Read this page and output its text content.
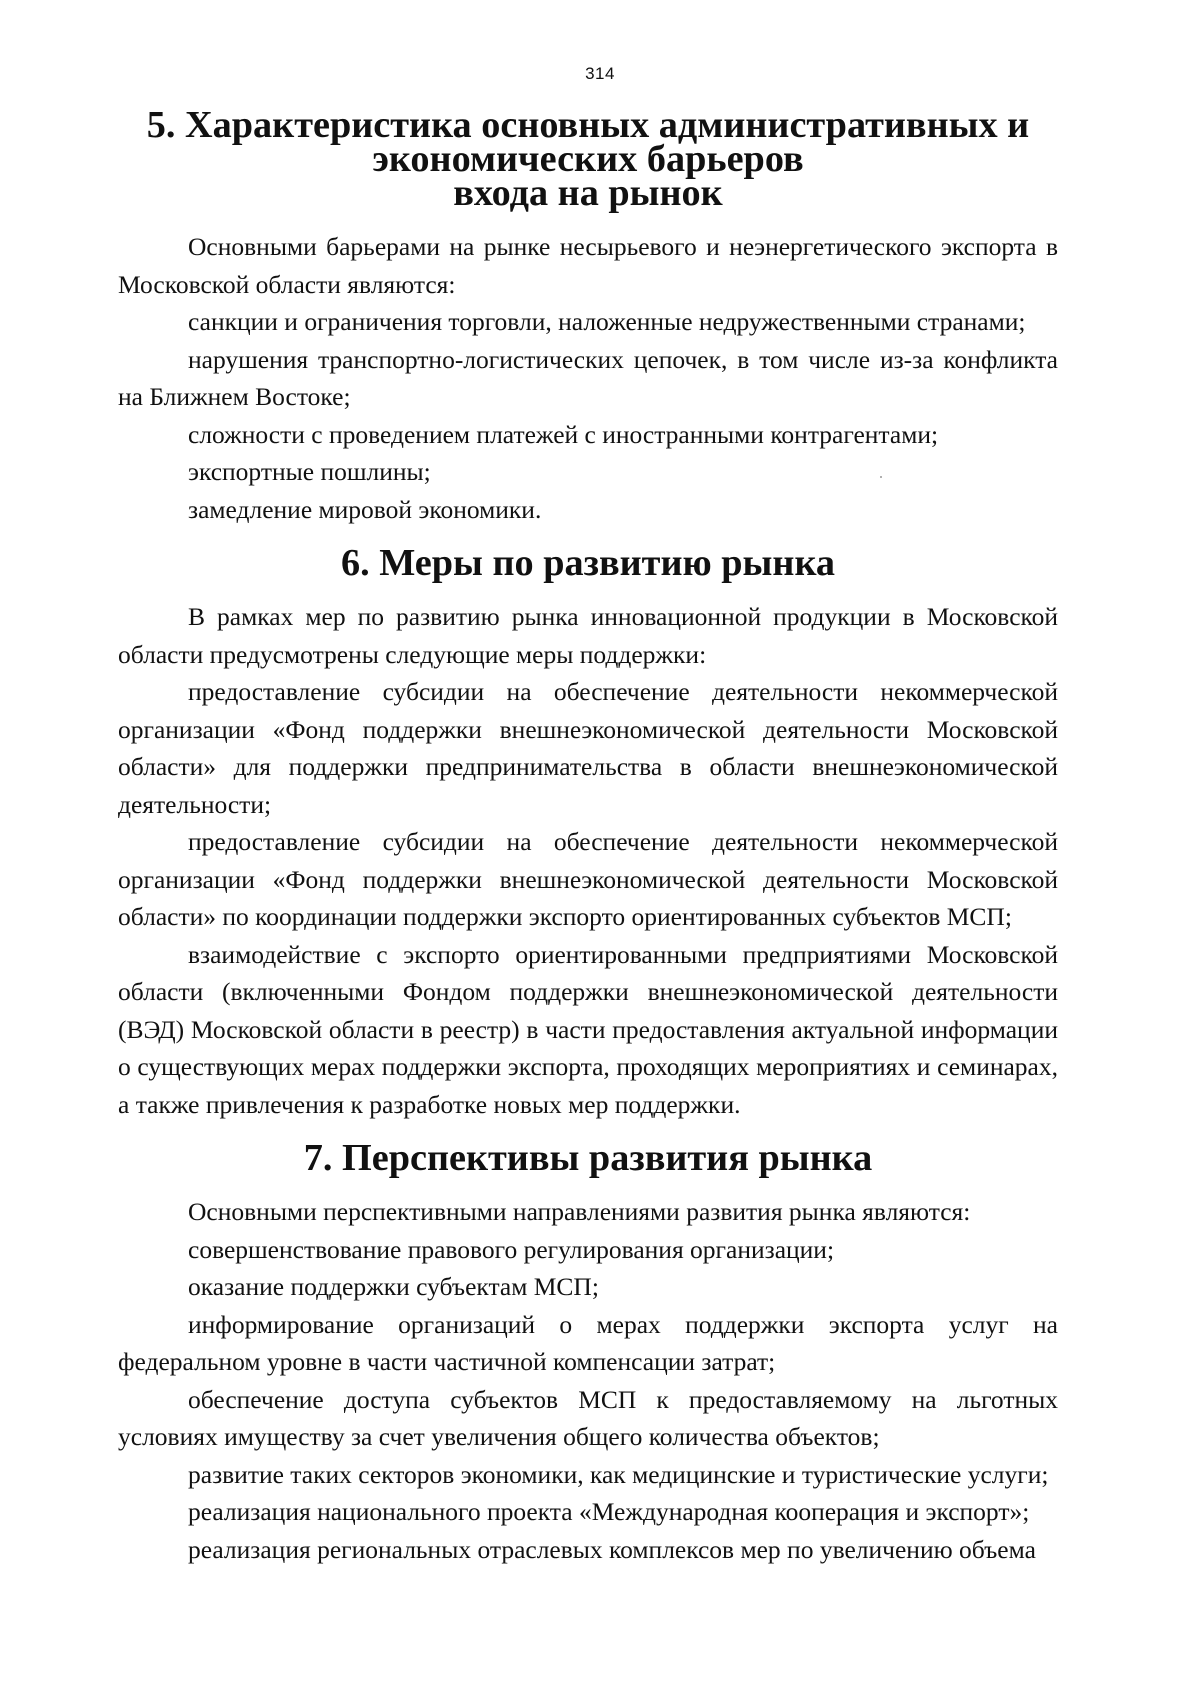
314
5. Характеристика основных административных и экономических барьеров
входа на рынок

Основными барьерами на рынке несырьевого и неэнергетического экспорта в Московской области являются:

санкции и ограничения торговли, наложенные недружественными странами;

нарушения транспортно-логистических цепочек, в том числе из-за конфликта на Ближнем Востоке;

сложности с проведением платежей с иностранными контрагентами;

экспортные пошлины;

замедление мировой экономики.

6. Меры по развитию рынка

В рамках мер по развитию рынка инновационной продукции в Московской области предусмотрены следующие меры поддержки:

предоставление субсидии на обеспечение деятельности некоммерческой организации «Фонд поддержки внешнеэкономической деятельности Московской области» для поддержки предпринимательства в области внешнеэкономической деятельности;

предоставление субсидии на обеспечение деятельности некоммерческой организации «Фонд поддержки внешнеэкономической деятельности Московской области» по координации поддержки экспорто ориентированных субъектов МСП;

взаимодействие с экспорто ориентированными предприятиями Московской области (включенными Фондом поддержки внешнеэкономической деятельности (ВЭД) Московской области в реестр) в части предоставления актуальной информации о существующих мерах поддержки экспорта, проходящих мероприятиях и семинарах, а также привлечения к разработке новых мер поддержки.

7. Перспективы развития рынка

Основными перспективными направлениями развития рынка являются:

совершенствование правового регулирования организации;

оказание поддержки субъектам МСП;

информирование организаций о мерах поддержки экспорта услуг на федеральном уровне в части частичной компенсации затрат;

обеспечение доступа субъектов МСП к предоставляемому на льготных условиях имуществу за счет увеличения общего количества объектов;

развитие таких секторов экономики, как медицинские и туристические услуги;

реализация национального проекта «Международная кооперация и экспорт»;

реализация региональных отраслевых комплексов мер по увеличению объема
